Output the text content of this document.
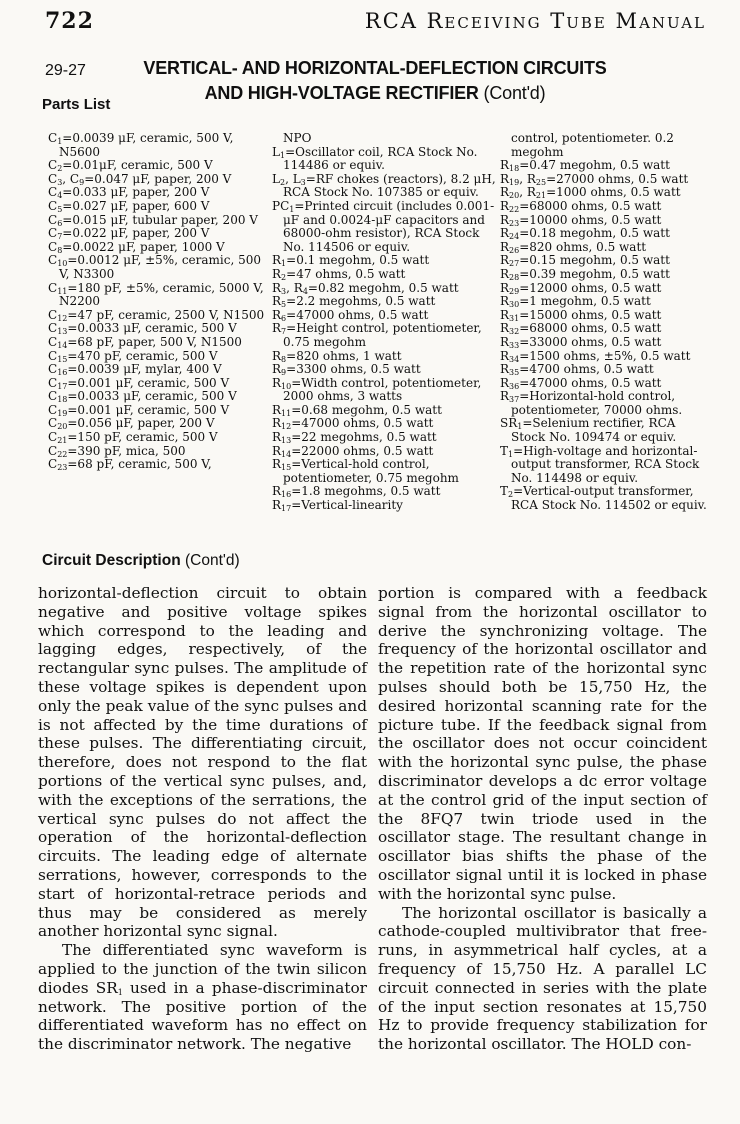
722	RCA Receiving Tube Manual
29-27	VERTICAL- AND HORIZONTAL-DEFLECTION CIRCUITS
AND HIGH-VOLTAGE RECTIFIER (Cont'd)
Parts List
$C_1=0.0039$ μF, ceramic, 500 V, N5600
$C_2=0.01\mu F$, ceramic, 500 V
$C_3$, $C_9=0.047$ μF, paper, 200 V
$C_4=0.033$ μF, paper, 200 V
$C_5=0.027$ μF, paper, 600 V
$C_6=0.015$ μF, tubular paper, 200 V
$C_7=0.022$ μF, paper, 200 V
$C_8=0.0022$ μF, paper, 1000 V
$C_{10}=0.0012$ μF, ±5%, ceramic, 500 V, N3300
$C_{11}=180$ pF, ±5%, ceramic, 5000 V, N2200
$C_{12}=47$ pF, ceramic, 2500 V, N1500
$C_{13}=0.0033$ μF, ceramic, 500 V
$C_{14}=68$ pF, paper, 500 V, N1500
$C_{15}=470$ pF, ceramic, 500 V
$C_{16}=0.0039$ μF, mylar, 400 V
$C_{17}=0.001$ μF, ceramic, 500 V
$C_{18}=0.0033$ μF, ceramic, 500 V
$C_{19}=0.001$ μF, ceramic, 500 V
$C_{20}=0.056$ μF, paper, 200 V
$C_{21}=150$ pF, ceramic, 500 V
$C_{22}=390$ pF, mica, 500
$C_{23}=68$ pF, ceramic, 500 V,
NPO
$L_1=Oscillator$ coil, RCA Stock No. 114486 or equiv.
$L_2$, $L_3=RF$ chokes (reactors), 8.2 μH, RCA Stock No. 107385 or equiv.
$PC_1=Printed$ circuit (includes 0.001-μF and 0.0024-μF capacitors and 68000-ohm resistor), RCA Stock No. 114506 or equiv.
$R_1=0.1$ megohm, 0.5 watt
$R_2=47$ ohms, 0.5 watt
$R_3$, $R_4=0.82$ megohm, 0.5 watt
$R_5=2.2$ megohms, 0.5 watt
$R_6=47000$ ohms, 0.5 watt
$R_7=Height$ control, potentiometer, 0.75 megohm
$R_8=820$ ohms, 1 watt
$R_9=3300$ ohms, 0.5 watt
$R_{10}=Width$ control, potentiometer, 2000 ohms, 3 watts
$R_{11}=0.68$ megohm, 0.5 watt
$R_{12}=47000$ ohms, 0.5 watt
$R_{13}=22$ megohms, 0.5 watt
$R_{14}=22000$ ohms, 0.5 watt
$R_{15}=Vertical$-hold control, potentiometer, 0.75 megohm
$R_{16}=1.8$ megohms, 0.5 watt
$R_{17}=Vertical$-linearity
control, potentiometer. 0.2 megohm
$R_{18}=0.47$ megohm, 0.5 watt
$R_{19}$, $R_{25}=27000$ ohms, 0.5 watt
$R_{20}$, $R_{21}=1000$ ohms, 0.5 watt
$R_{22}=68000$ ohms, 0.5 watt
$R_{23}=10000$ ohms, 0.5 watt
$R_{24}=0.18$ megohm, 0.5 watt
$R_{26}=820$ ohms, 0.5 watt
$R_{27}=0.15$ megohm, 0.5 watt
$R_{28}=0.39$ megohm, 0.5 watt
$R_{29}=12000$ ohms, 0.5 watt
$R_{30}=1$ megohm, 0.5 watt
$R_{31}=15000$ ohms, 0.5 watt
$R_{32}=68000$ ohms, 0.5 watt
$R_{33}=33000$ ohms, 0.5 watt
$R_{34}=1500$ ohms, ±5%, 0.5 watt
$R_{35}=4700$ ohms, 0.5 watt
$R_{36}=47000$ ohms, 0.5 watt
$R_{37}=Horizontal$-hold control, potentiometer, 70000 ohms.
$SR_1=Selenium$ rectifier, RCA Stock No. 109474 or equiv.
$T_1=High$-voltage and horizontal-output transformer, RCA Stock No. 114498 or equiv.
$T_2=Vertical$-output transformer, RCA Stock No. 114502 or equiv.
Circuit Description (Cont'd)

horizontal-deflection circuit to obtain negative and positive voltage spikes which correspond to the leading and lagging edges, respectively, of the rectangular sync pulses. The amplitude of these voltage spikes is dependent upon only the peak value of the sync pulses and is not affected by the time durations of these pulses. The differentiating circuit, therefore, does not respond to the flat portions of the vertical sync pulses, and, with the exceptions of the serrations, the vertical sync pulses do not affect the operation of the horizontal-deflection circuits. The leading edge of alternate serrations, however, corresponds to the start of horizontal-retrace periods and thus may be considered as merely another horizontal sync signal.

The differentiated sync waveform is applied to the junction of the twin silicon diodes $SR_1$ used in a phase-discriminator network. The positive portion of the differentiated waveform has no effect on the discriminator network. The negative

portion is compared with a feedback signal from the horizontal oscillator to derive the synchronizing voltage. The frequency of the horizontal oscillator and the repetition rate of the horizontal sync pulses should both be 15,750 Hz, the desired horizontal scanning rate for the picture tube. If the feedback signal from the oscillator does not occur coincident with the horizontal sync pulse, the phase discriminator develops a dc error voltage at the control grid of the input section of the 8FQ7 twin triode used in the oscillator stage. The resultant change in oscillator bias shifts the phase of the oscillator signal until it is locked in phase with the horizontal sync pulse.

The horizontal oscillator is basically a cathode-coupled multivibrator that free-runs, in asymmetrical half cycles, at a frequency of 15,750 Hz. A parallel LC circuit connected in series with the plate of the input section resonates at 15,750 Hz to provide frequency stabilization for the horizontal oscillator. The HOLD con-
